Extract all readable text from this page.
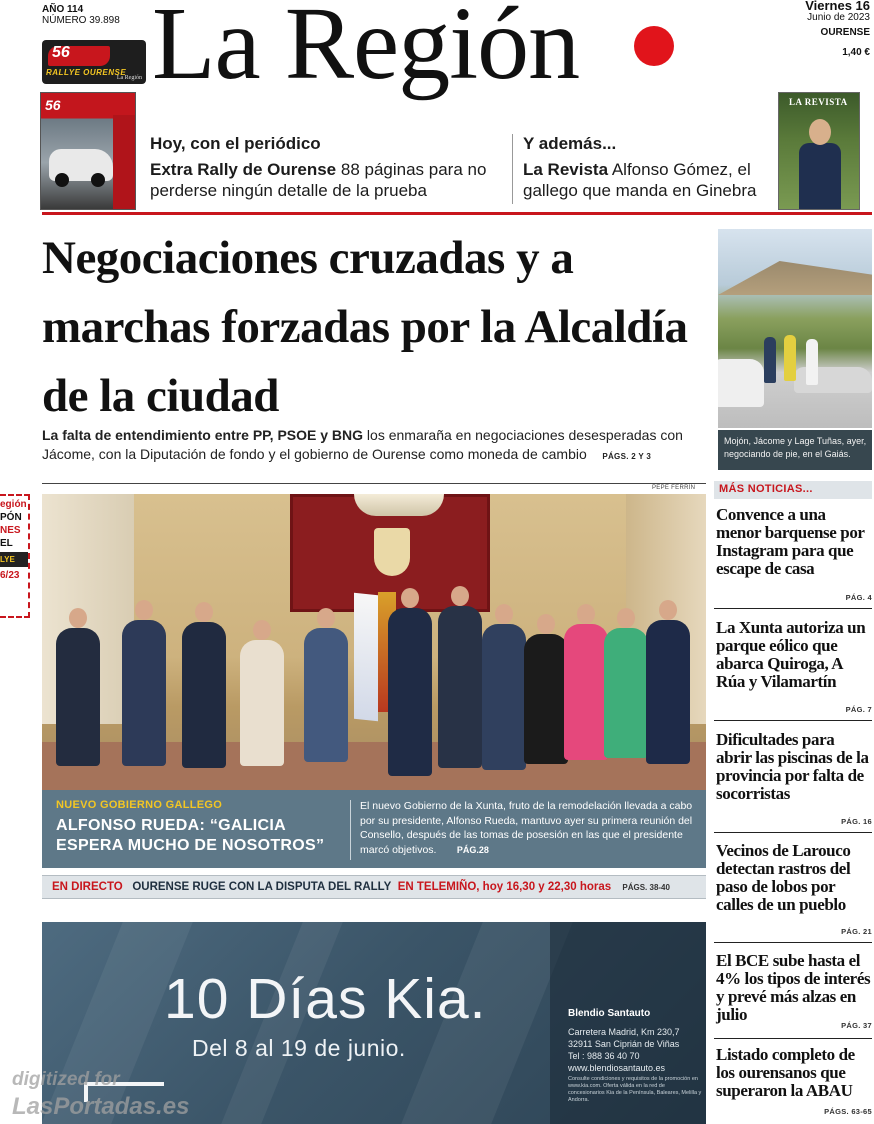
AÑO 114
NÚMERO 39.898
56
RALLYE OURENSE
La Región La Región	Viernes 16
Junio de 2023
OURENSE
1,40 €
56
Hoy, con el periódico
Extra Rally de Ourense 88 páginas para no perderse ningún detalle de la prueba
Y además...
La Revista Alfonso Gómez, el gallego que manda en Ginebra
LA REVISTA
Negociaciones cruzadas y a marchas forzadas por la Alcaldía de la ciudad
La falta de entendimiento entre PP, PSOE y BNG los enmaraña en negociaciones desesperadas con Jácome, con la Diputación de fondo y el gobierno de Ourense como moneda de cambio PÁGS. 2 Y 3
Mojón, Jácome y Lage Tuñas, ayer, negociando de pie, en el Gaiás.
PEPE FERRÍN
egión
PÓN
NES
EL
LYE
6/23
NUEVO GOBIERNO GALLEGO
ALFONSO RUEDA: “GALICIA ESPERA MUCHO DE NOSOTROS”
El nuevo Gobierno de la Xunta, fruto de la remodelación llevada a cabo por su presidente, Alfonso Rueda, mantuvo ayer su primera reunión del Consello, después de las tomas de posesión en las que el presidente marcó objetivos. PÁG.28
EN DIRECTO OURENSE RUGE CON LA DISPUTA DEL RALLY EN TELEMIÑO, hoy 16,30 y 22,30 horas PÁGS. 38-40
10 Días Kia.
Del 8 al 19 de junio.
Blendio Santauto
Carretera Madrid, Km 230,7
32911 San Ciprián de Viñas
Tel : 988 36 40 70
www.blendiosantauto.es
Consulte condiciones y requisitos de la promoción en www.kia.com. Oferta válida en la red de concesionarios Kia de la Península, Baleares, Melilla y Andorra.
digitized for
LasPortadas.es
MÁS NOTICIAS...
Convence a una menor barquense por Instagram para que escape de casa
PÁG. 4
La Xunta autoriza un parque eólico que abarca Quiroga, A Rúa y Vilamartín
PÁG. 7
Dificultades para abrir las piscinas de la provincia por falta de socorristas
PÁG. 16
Vecinos de Larouco detectan rastros del paso de lobos por calles de un pueblo
PÁG. 21
El BCE sube hasta el 4% los tipos de interés y prevé más alzas en julio
PÁG. 37
Listado completo de los ourensanos que superaron la ABAU
PÁGS. 63-65
